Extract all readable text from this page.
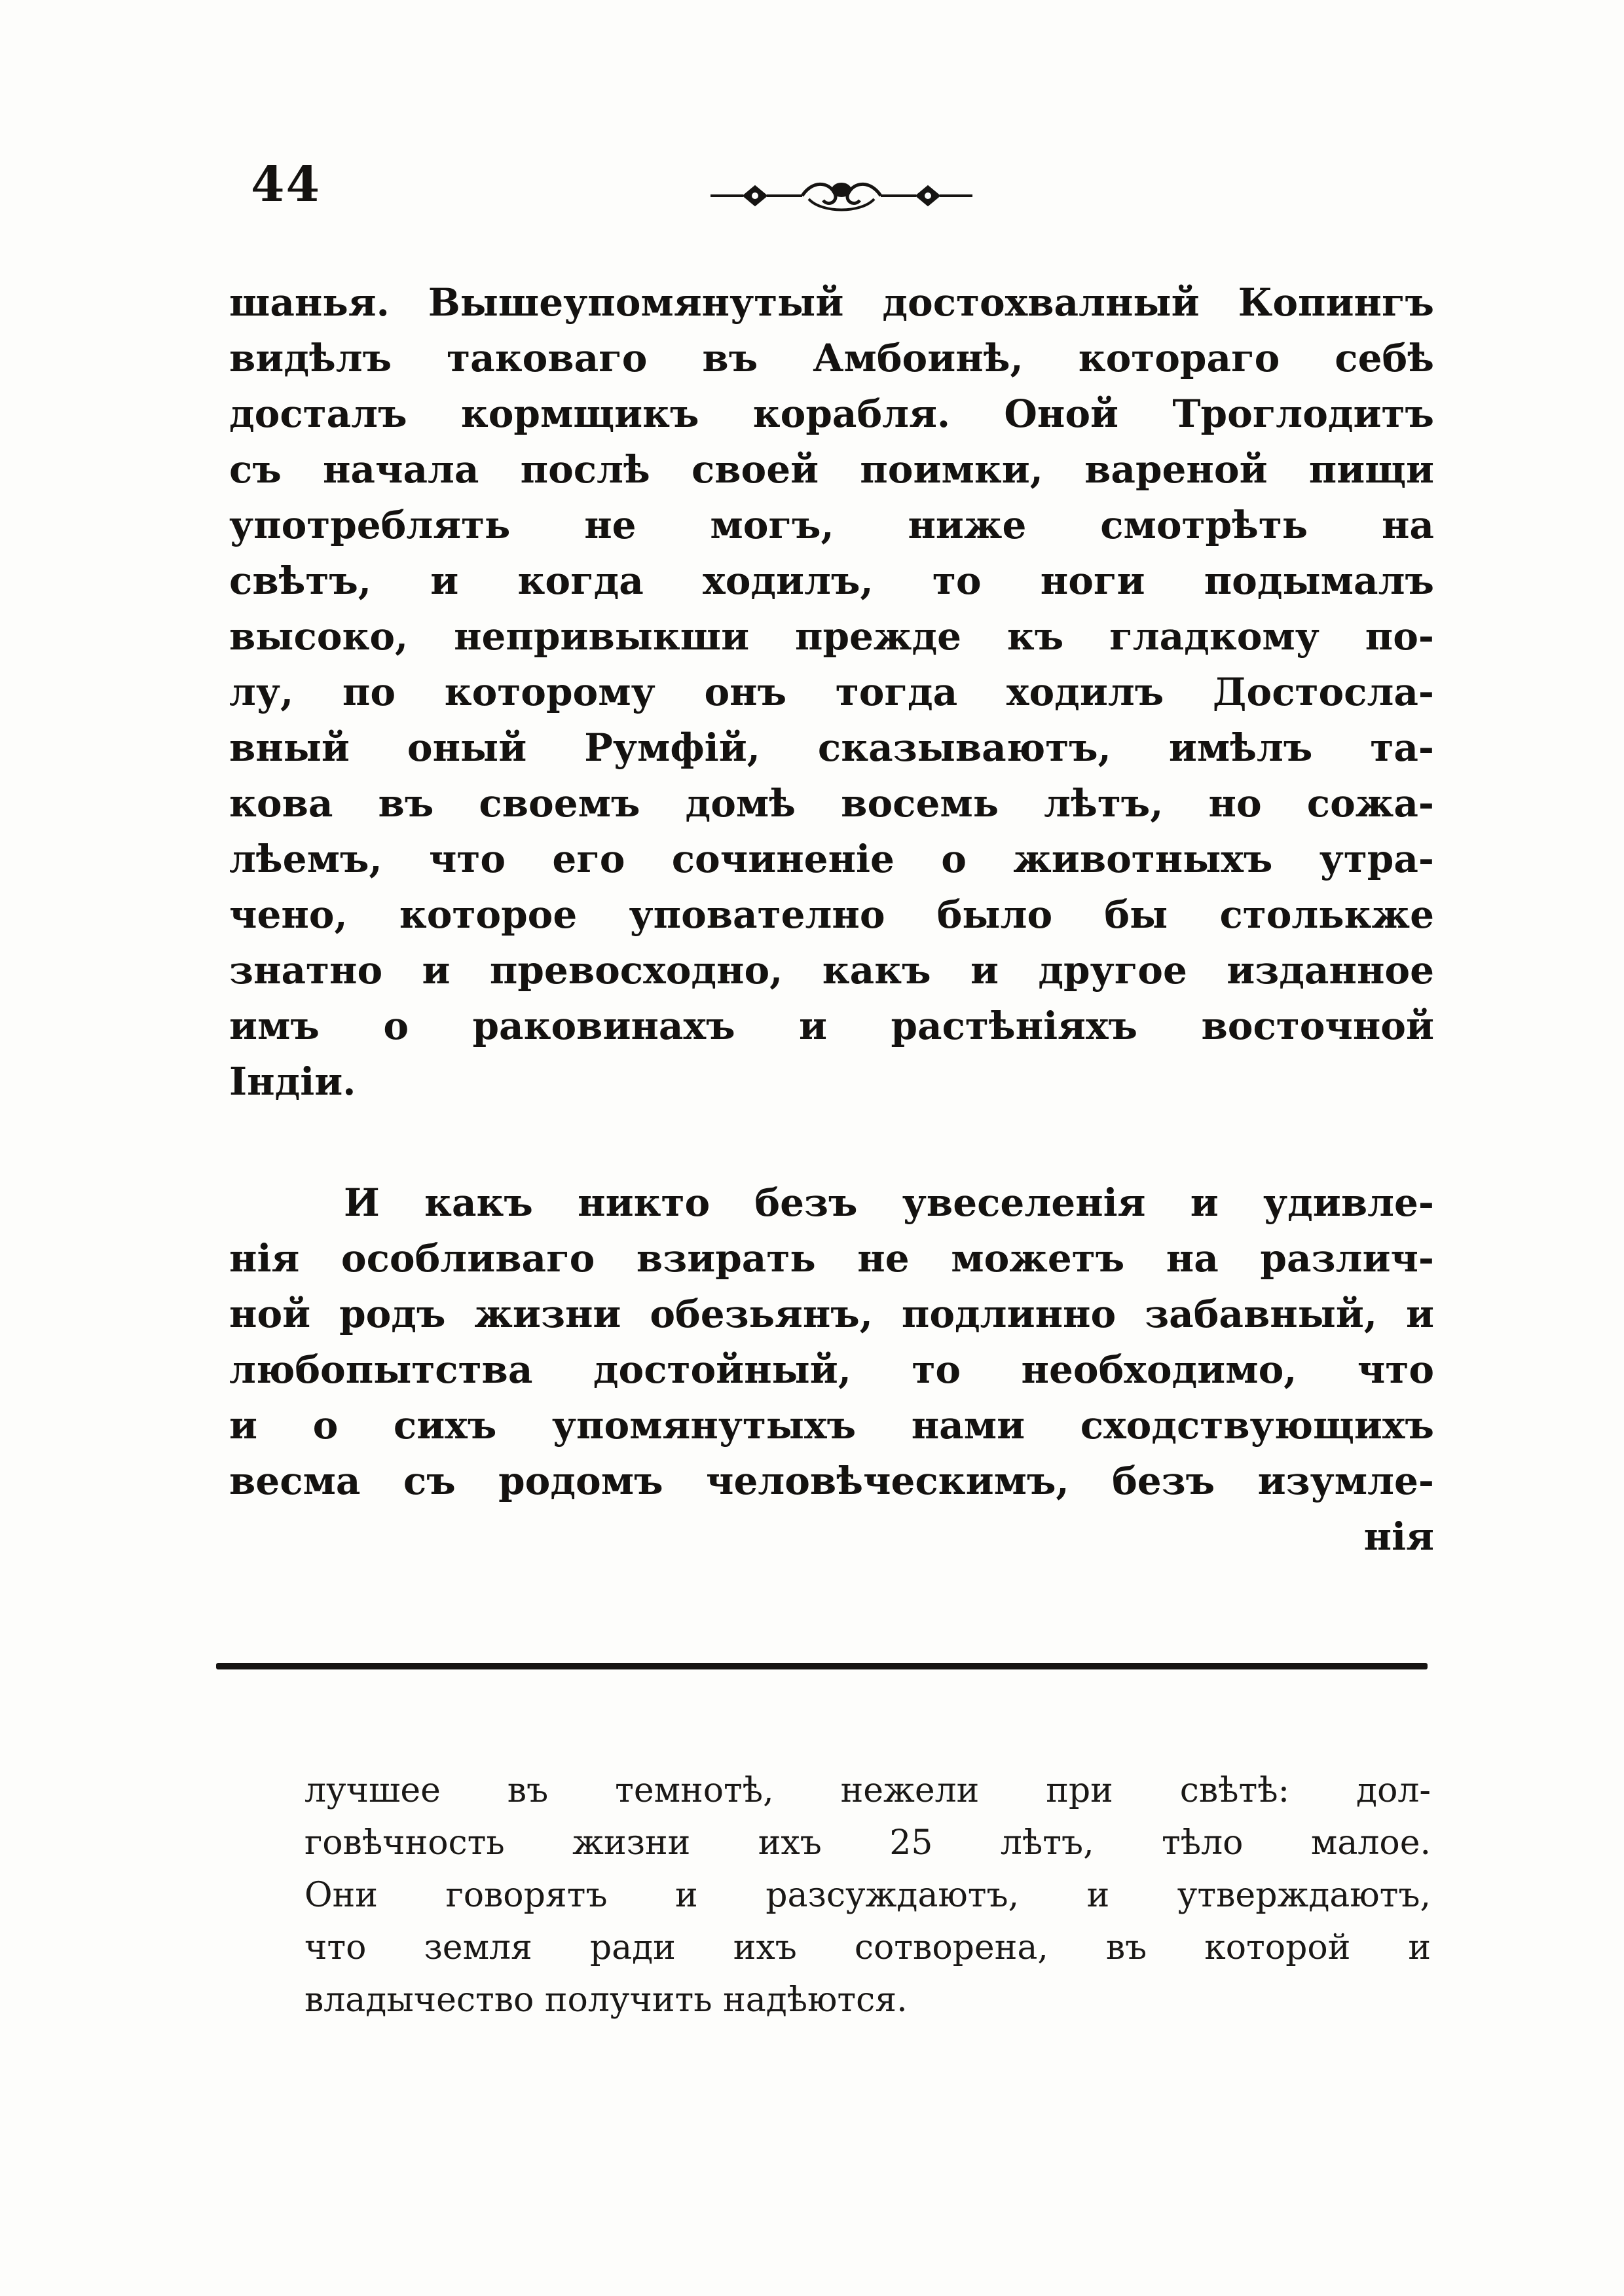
44
шанья. Вышеупомянутый достохвалный Копингъ
видѣлъ таковаго въ Амбоинѣ, котораго себѣ
досталъ кормщикъ корабля. Оной Троглодитъ
съ начала послѣ своей поимки, вареной пищи
употреблять не могъ, ниже смотрѣть на
свѣтъ, и когда ходилъ, то ноги подымалъ
высоко, непривыкши прежде къ гладкому по-
лу, по которому онъ тогда ходилъ Достосла-
вный оный Румфій, сказываютъ, имѣлъ та-
кова въ своемъ домѣ восемь лѣтъ, но сожа-
лѣемъ, что его сочиненіе о животныхъ утра-
чено, которое упователно было бы столькже
знатно и превосходно, какъ и другое изданное
имъ о раковинахъ и растѣніяхъ восточной
Індіи.
И какъ никто безъ увеселенія и удивле-
нія особливаго взирать не можетъ на различ-
ной родъ жизни обезьянъ, подлинно забавный, и
любопытства достойный, то необходимо, что
и о сихъ упомянутыхъ нами сходствующихъ
весма съ родомъ человѣческимъ, безъ изумле-
нія
лучшее въ темнотѣ, нежели при свѣтѣ: дол-
говѣчность жизни ихъ 25 лѣтъ, тѣло малое.
Они говорятъ и разсуждаютъ, и утверждаютъ,
что земля ради ихъ сотворена, въ которой и
владычество получить надѣются.
